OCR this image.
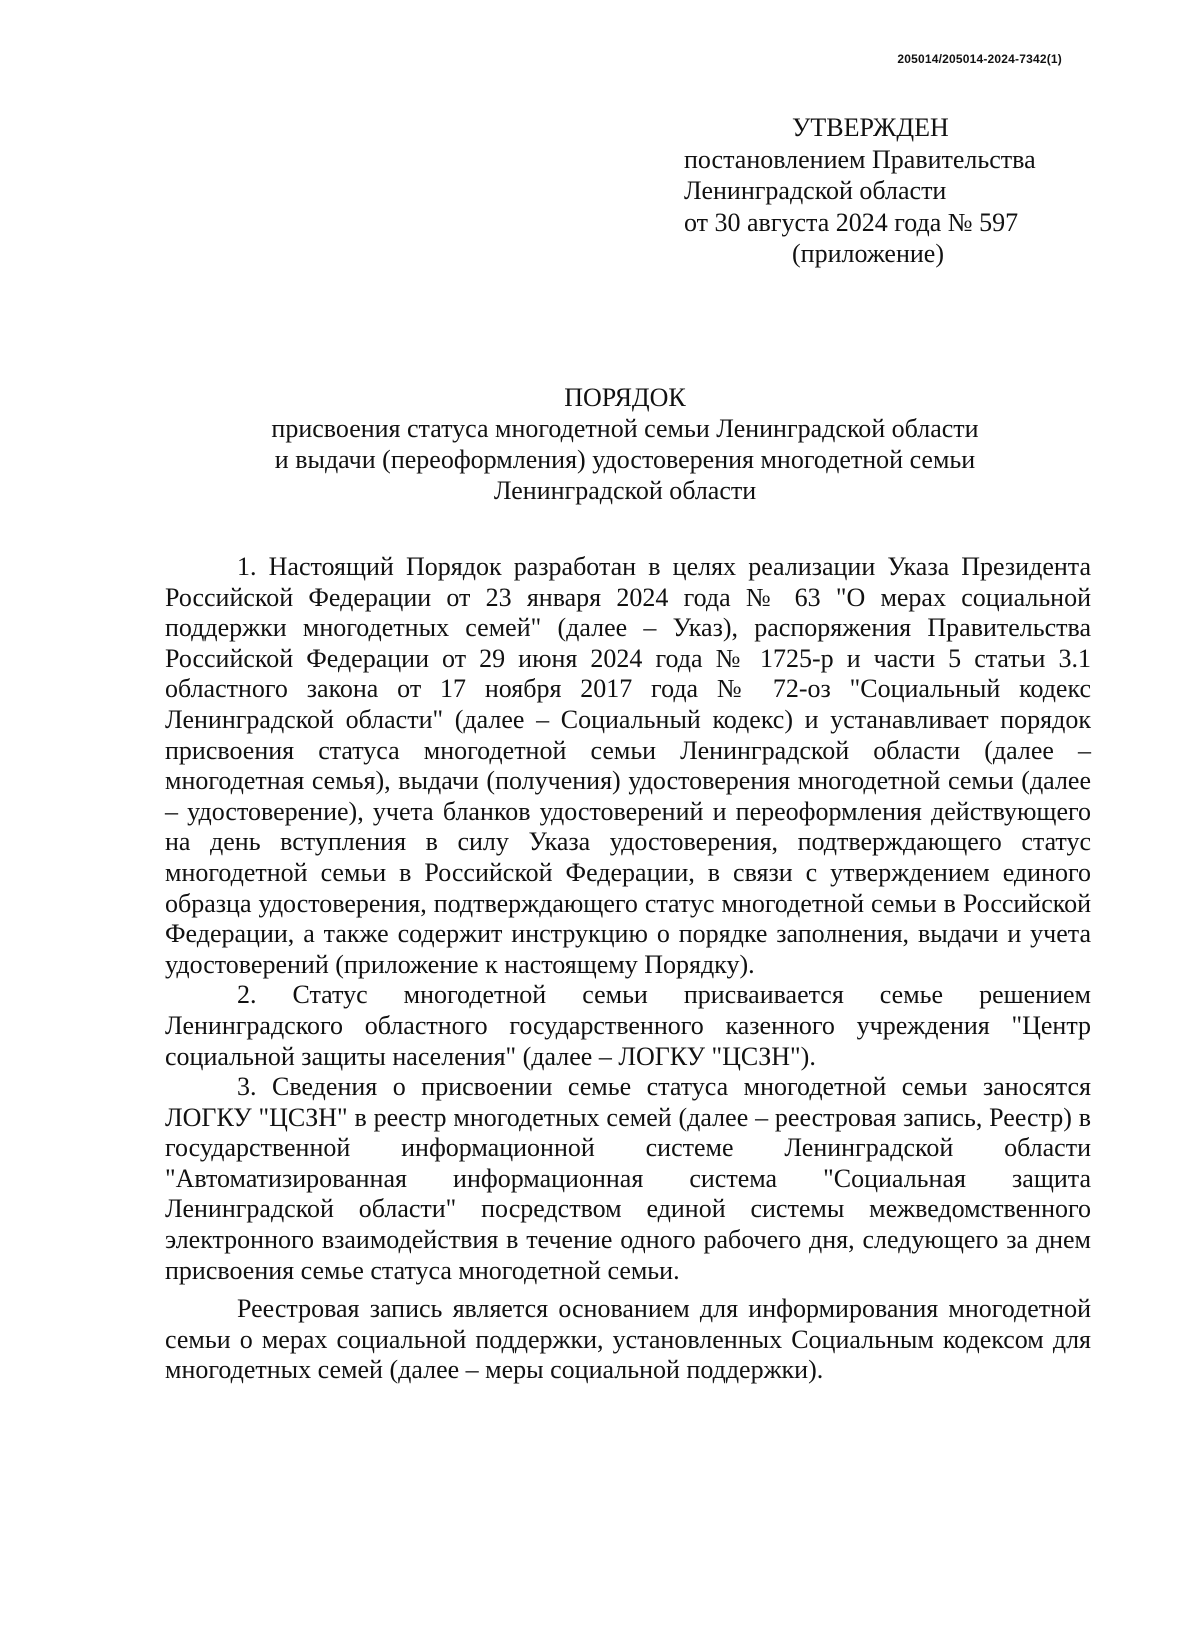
205014/205014-2024-7342(1)
УТВЕРЖДЕН
постановлением Правительства
Ленинградской области
от 30 августа 2024 года № 597
(приложение)
ПОРЯДОК
присвоения статуса многодетной семьи Ленинградской области
и выдачи (переоформления) удостоверения многодетной семьи
Ленинградской области

1. Настоящий Порядок разработан в целях реализации Указа Президента Российской Федерации от 23 января 2024 года № 63 "О мерах социальной поддержки многодетных семей" (далее – Указ), распоряжения Правительства Российской Федерации от 29 июня 2024 года № 1725-р и части 5 статьи 3.1 областного закона от 17 ноября 2017 года № 72-оз "Социальный кодекс Ленинградской области" (далее – Социальный кодекс) и устанавливает порядок присвоения статуса многодетной семьи Ленинградской области (далее – многодетная семья), выдачи (получения) удостоверения многодетной семьи (далее – удостоверение), учета бланков удостоверений и переоформления действующего на день вступления в силу Указа удостоверения, подтверждающего статус многодетной семьи в Российской Федерации, в связи с утверждением единого образца удостоверения, подтверждающего статус многодетной семьи в Российской Федерации, а также содержит инструкцию о порядке заполнения, выдачи и учета удостоверений (приложение к настоящему Порядку).

2. Статус многодетной семьи присваивается семье решением Ленинградского областного государственного казенного учреждения "Центр социальной защиты населения" (далее – ЛОГКУ "ЦСЗН").

3. Сведения о присвоении семье статуса многодетной семьи заносятся ЛОГКУ "ЦСЗН" в реестр многодетных семей (далее – реестровая запись, Реестр) в государственной информационной системе Ленинградской области "Автоматизированная информационная система "Социальная защита Ленинградской области" посредством единой системы межведомственного электронного взаимодействия в течение одного рабочего дня, следующего за днем присвоения семье статуса многодетной семьи.

Реестровая запись является основанием для информирования многодетной семьи о мерах социальной поддержки, установленных Социальным кодексом для многодетных семей (далее – меры социальной поддержки).
